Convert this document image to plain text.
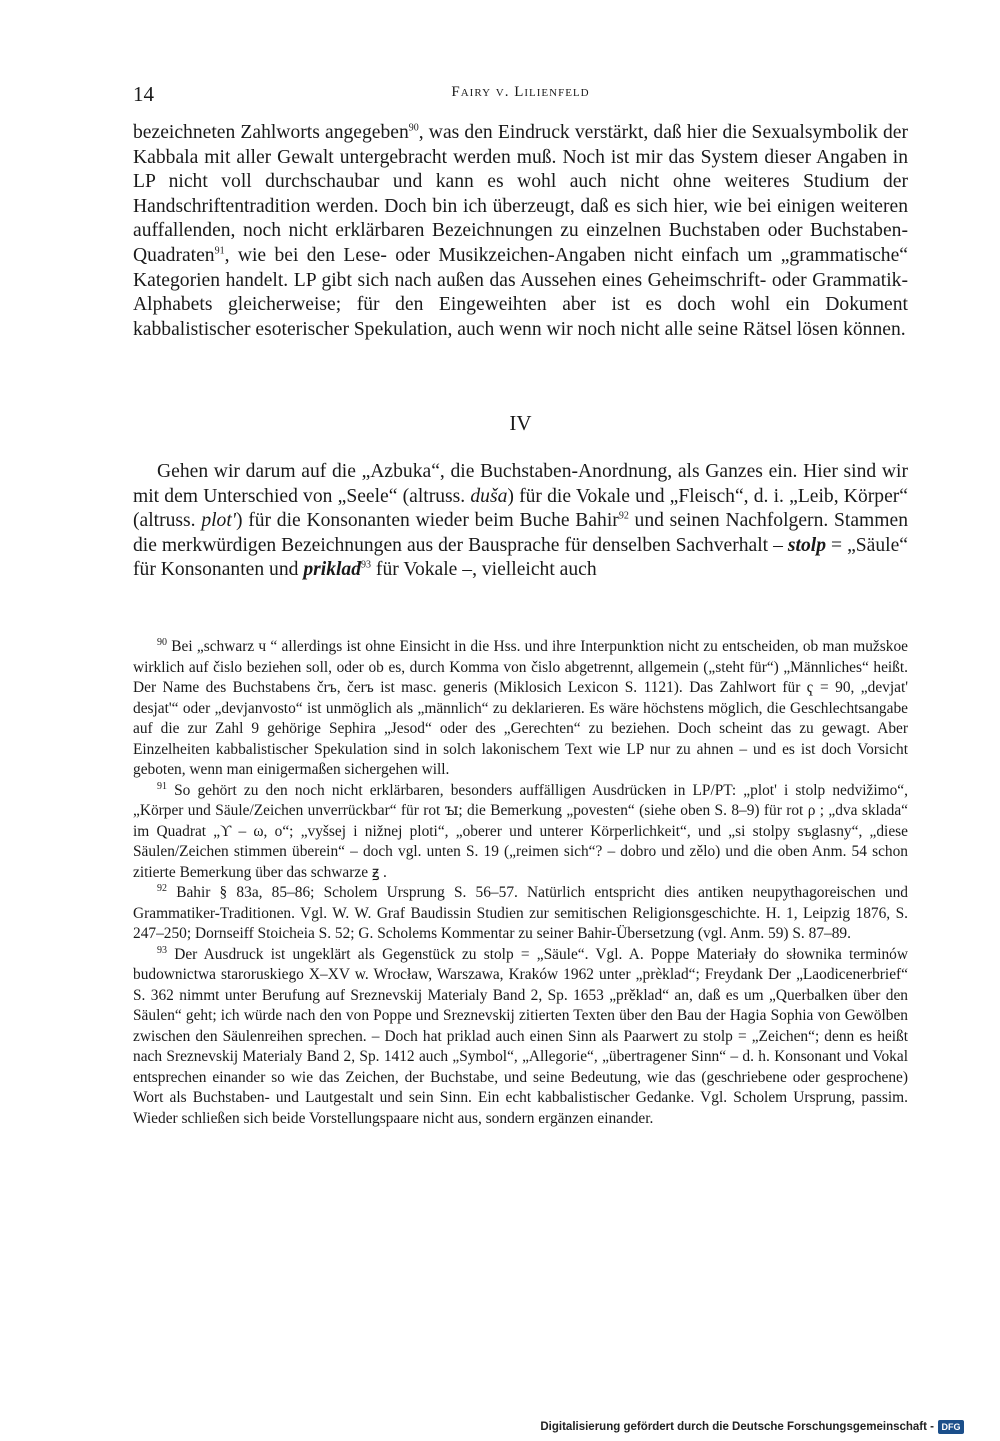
14	Fairy v. Lilienfeld

bezeichneten Zahlworts angegeben$^{90}$, was den Eindruck verstärkt, daß hier die Sexualsymbolik der Kabbala mit aller Gewalt untergebracht werden muß. Noch ist mir das System dieser Angaben in LP nicht voll durchschaubar und kann es wohl auch nicht ohne weiteres Studium der Handschriftentradition werden. Doch bin ich überzeugt, daß es sich hier, wie bei einigen weiteren auffallenden, noch nicht erklärbaren Bezeichnungen zu einzelnen Buchstaben oder Buchstaben-Quadraten$^{91}$, wie bei den Lese- oder Musikzeichen-Angaben nicht einfach um „grammatische“ Kategorien handelt. LP gibt sich nach außen das Aussehen eines Geheimschrift- oder Grammatik-Alphabets gleicherweise; für den Eingeweihten aber ist es doch wohl ein Dokument kabbalistischer esoterischer Spekulation, auch wenn wir noch nicht alle seine Rätsel lösen können.

IV

Gehen wir darum auf die „Azbuka“, die Buchstaben-Anordnung, als Ganzes ein. Hier sind wir mit dem Unterschied von „Seele“ (altruss. duša) für die Vokale und „Fleisch“, d. i. „Leib, Körper“ (altruss. plot') für die Konsonanten wieder beim Buche Bahir$^{92}$ und seinen Nachfolgern. Stammen die merkwürdigen Bezeichnungen aus der Bausprache für denselben Sachverhalt – stolp = „Säule“ für Konsonanten und priklad$^{93}$ für Vokale –, vielleicht auch

$^{90}$ Bei „schwarz ч “ allerdings ist ohne Einsicht in die Hss. und ihre Interpunktion nicht zu entscheiden, ob man mužskoe wirklich auf čislo beziehen soll, oder ob es, durch Komma von čislo abgetrennt, allgemein („steht für“) „Männliches“ heißt. Der Name des Buchstabens črъ, čerъ ist masc. generis (Miklosich Lexicon S. 1121). Das Zahlwort für ҁ = 90, „devjat' desjat'“ oder „devjanvosto“ ist unmöglich als „männlich“ zu deklarieren. Es wäre höchstens möglich, die Geschlechtsangabe auf die zur Zahl 9 gehörige Sephira „Jesod“ oder des „Gerechten“ zu beziehen. Doch scheint das zu gewagt. Aber Einzelheiten kabbalistischer Spekulation sind in solch lakonischem Text wie LP nur zu ahnen – und es ist doch Vorsicht geboten, wenn man einigermaßen sichergehen will.

$^{91}$ So gehört zu den noch nicht erklärbaren, besonders auffälligen Ausdrücken in LP/PT: „plot' i stolp nedvižimo“, „Körper und Säule/Zeichen unverrückbar“ für rot ꙑ; die Bemerkung „povesten“ (siehe oben S. 8–9) für rot ρ ; „dva sklada“ im Quadrat „ϒ – ω, о“; „vyšsej i nižnej ploti“, „oberer und unterer Körperlichkeit“, und „si stolpy sъglasny“, „diese Säulen/Zeichen stimmen überein“ – doch vgl. unten S. 19 („reimen sich“? – dobro und zělo) und die oben Anm. 54 schon zitierte Bemerkung über das schwarze ꙃ .

$^{92}$ Bahir § 83a, 85–86; Scholem Ursprung S. 56–57. Natürlich entspricht dies antiken neupythagoreischen und Grammatiker-Traditionen. Vgl. W. W. Graf Baudissin Studien zur semitischen Religionsgeschichte. H. 1, Leipzig 1876, S. 247–250; Dornseiff Stoicheia S. 52; G. Scholems Kommentar zu seiner Bahir-Übersetzung (vgl. Anm. 59) S. 87–89.

$^{93}$ Der Ausdruck ist ungeklärt als Gegenstück zu stolp = „Säule“. Vgl. A. Poppe Materiały do słownika terminów budownictwa staroruskiego X–XV w. Wrocław, Warszawa, Kraków 1962 unter „prèklad“; Freydank Der „Laodicenerbrief“ S. 362 nimmt unter Berufung auf Sreznevskij Materialy Band 2, Sp. 1653 „prěklad“ an, daß es um „Querbalken über den Säulen“ geht; ich würde nach den von Poppe und Sreznevskij zitierten Texten über den Bau der Hagia Sophia von Gewölben zwischen den Säulenreihen sprechen. – Doch hat priklad auch einen Sinn als Paarwert zu stolp = „Zeichen“; denn es heißt nach Sreznevskij Materialy Band 2, Sp. 1412 auch „Symbol“, „Allegorie“, „übertragener Sinn“ – d. h. Konsonant und Vokal entsprechen einander so wie das Zeichen, der Buchstabe, und seine Bedeutung, wie das (geschriebene oder gesprochene) Wort als Buchstaben- und Lautgestalt und sein Sinn. Ein echt kabbalistischer Gedanke. Vgl. Scholem Ursprung, passim. Wieder schließen sich beide Vorstellungspaare nicht aus, sondern ergänzen einander.

Digitalisierung gefördert durch die Deutsche Forschungsgemeinschaft - DFG
